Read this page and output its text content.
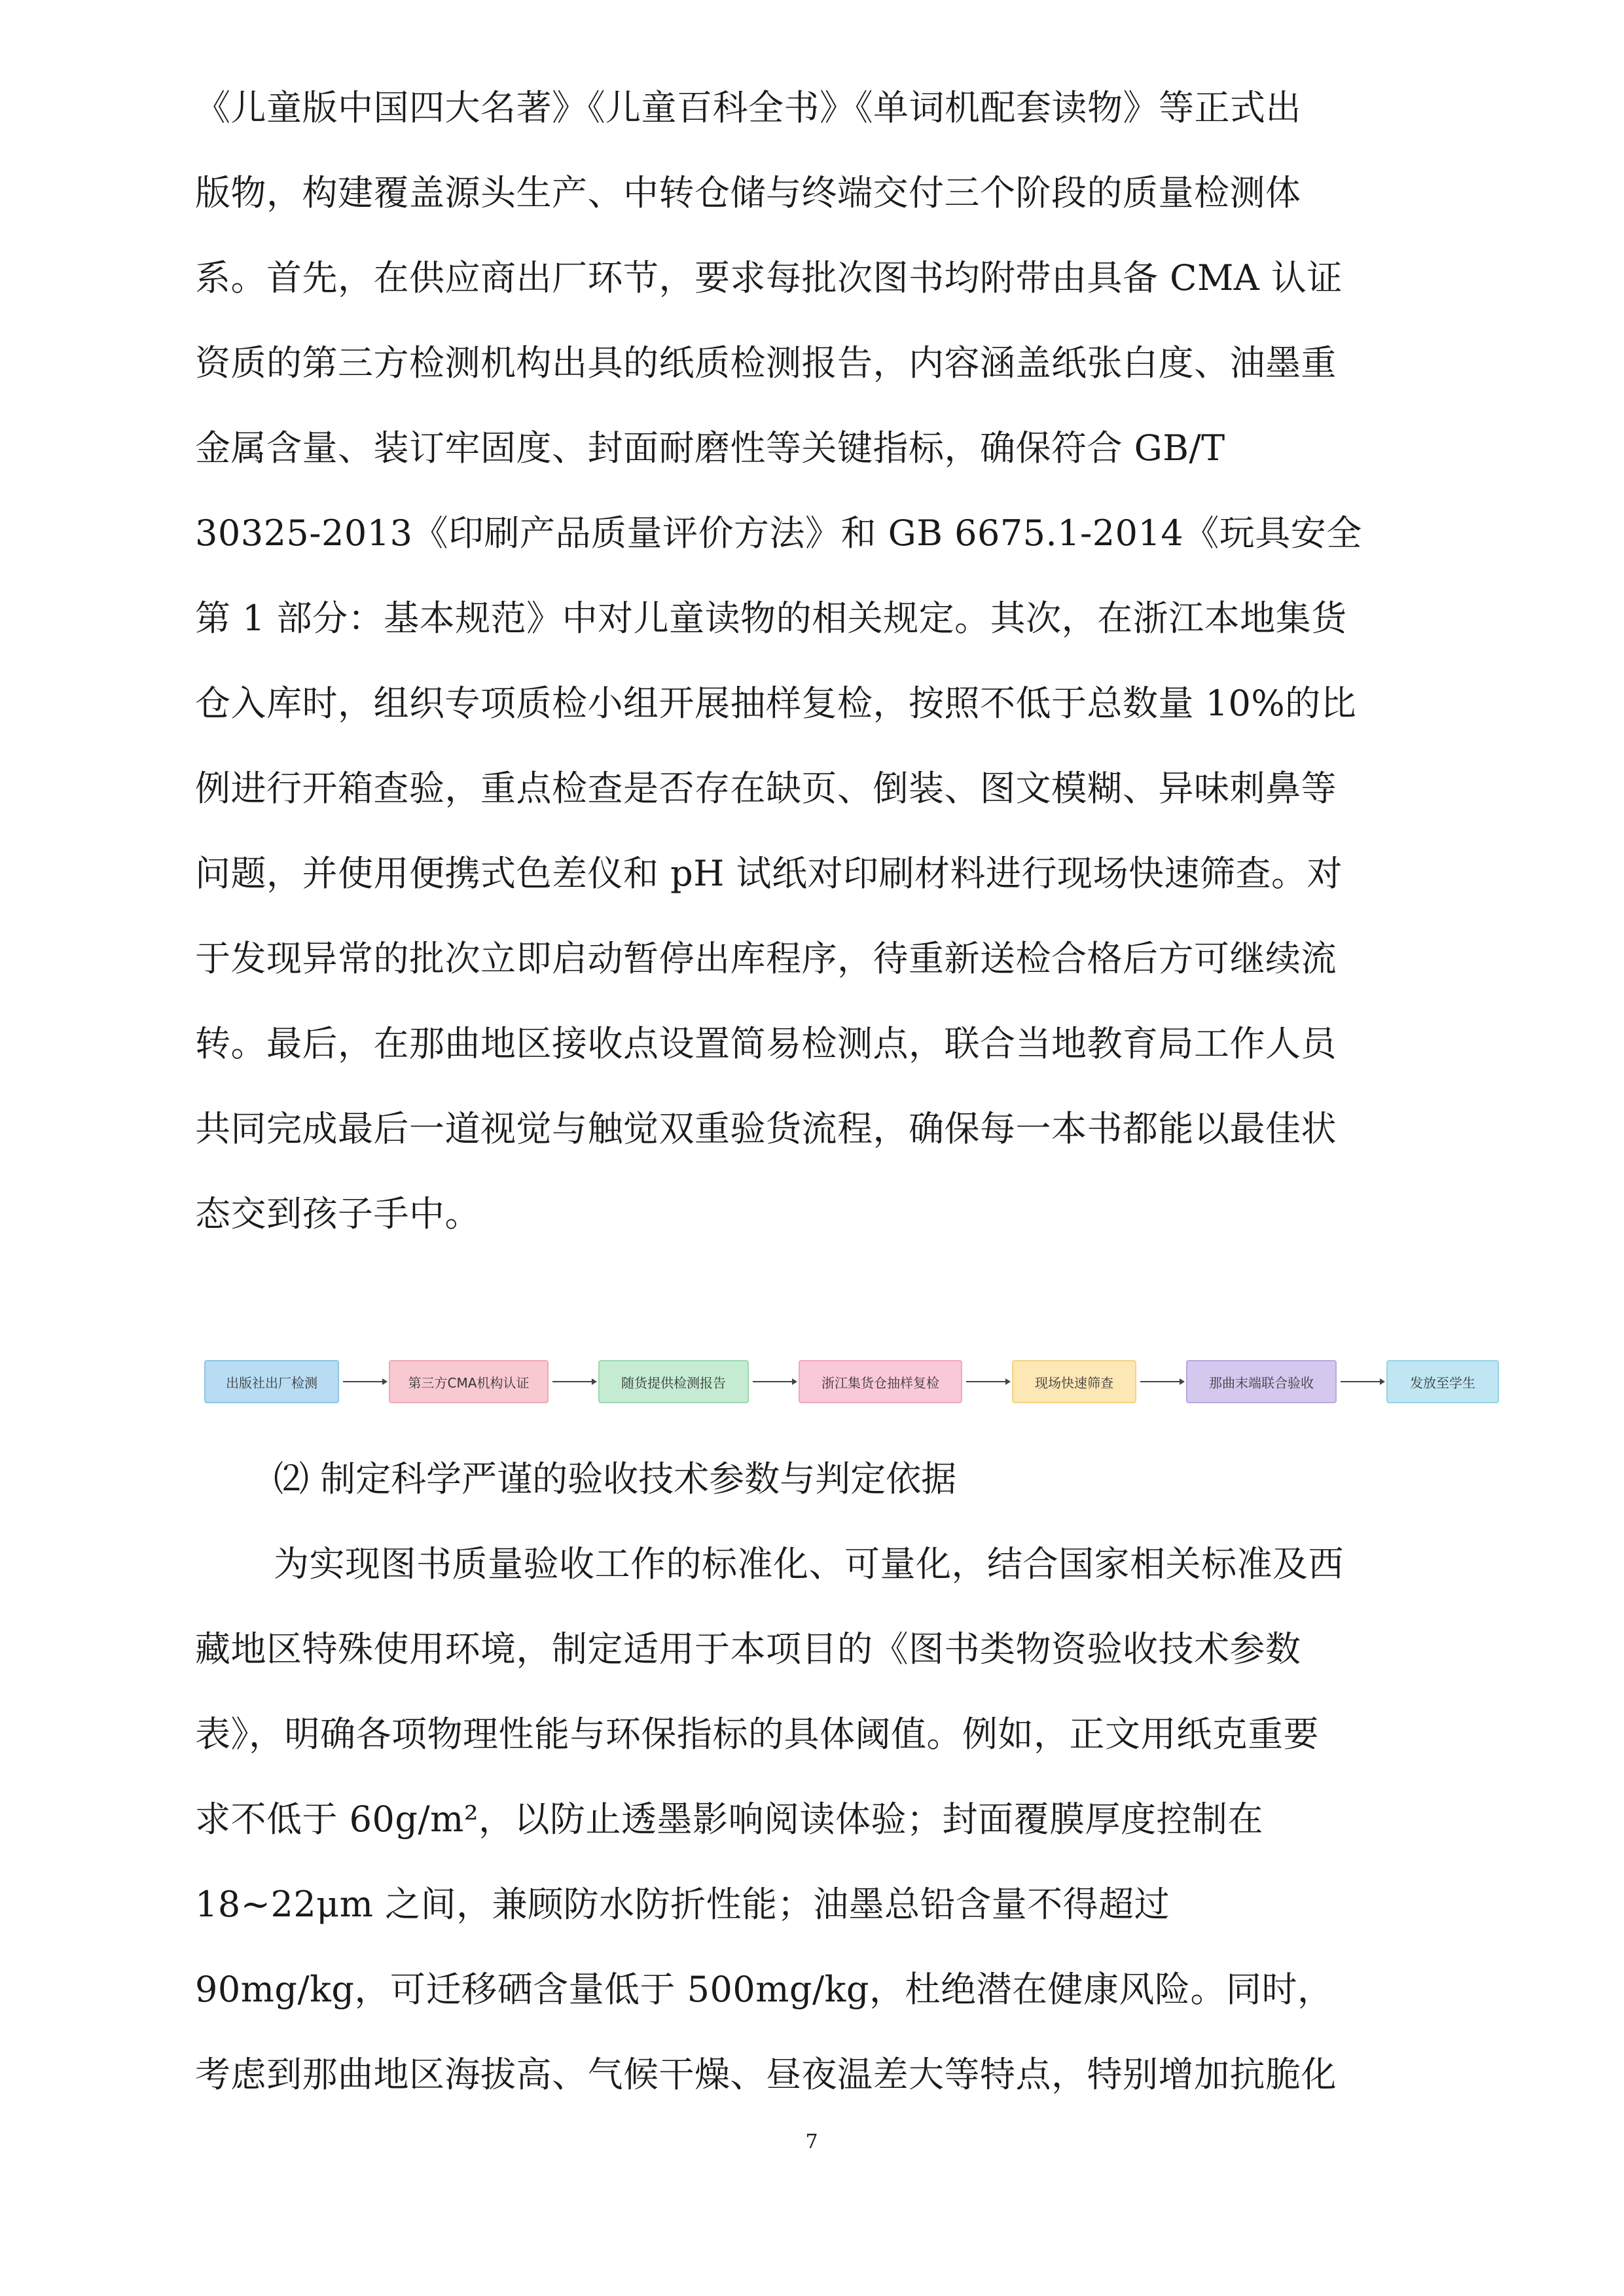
《儿童版中国四大名著》《儿童百科全书》《单词机配套读物》等正式出
版物，构建覆盖源头生产、中转仓储与终端交付三个阶段的质量检测体
系。首先，在供应商出厂环节，要求每批次图书均附带由具备 CMA 认证
资质的第三方检测机构出具的纸质检测报告，内容涵盖纸张白度、油墨重
金属含量、装订牢固度、封面耐磨性等关键指标，确保符合 GB/T
30325-2013《印刷产品质量评价方法》和 GB 6675.1-2014《玩具安全
第 1 部分：基本规范》中对儿童读物的相关规定。其次，在浙江本地集货
仓入库时，组织专项质检小组开展抽样复检，按照不低于总数量 10%的比
例进行开箱查验，重点检查是否存在缺页、倒装、图文模糊、异味刺鼻等
问题，并使用便携式色差仪和 pH 试纸对印刷材料进行现场快速筛查。对
于发现异常的批次立即启动暂停出库程序，待重新送检合格后方可继续流
转。最后，在那曲地区接收点设置简易检测点，联合当地教育局工作人员
共同完成最后一道视觉与触觉双重验货流程，确保每一本书都能以最佳状
态交到孩子手中。
出版社出厂检测	第三方CMA机构认证	随货提供检测报告	浙江集货仓抽样复检	现场快速筛查	那曲末端联合验收	发放至学生
⑵ 制定科学严谨的验收技术参数与判定依据
为实现图书质量验收工作的标准化、可量化，结合国家相关标准及西
藏地区特殊使用环境，制定适用于本项目的《图书类物资验收技术参数
表》，明确各项物理性能与环保指标的具体阈值。例如，正文用纸克重要
求不低于 60g/m²，以防止透墨影响阅读体验；封面覆膜厚度控制在
18~22μm 之间，兼顾防水防折性能；油墨总铅含量不得超过
90mg/kg，可迁移硒含量低于 500mg/kg，杜绝潜在健康风险。同时，
考虑到那曲地区海拔高、气候干燥、昼夜温差大等特点，特别增加抗脆化
7
